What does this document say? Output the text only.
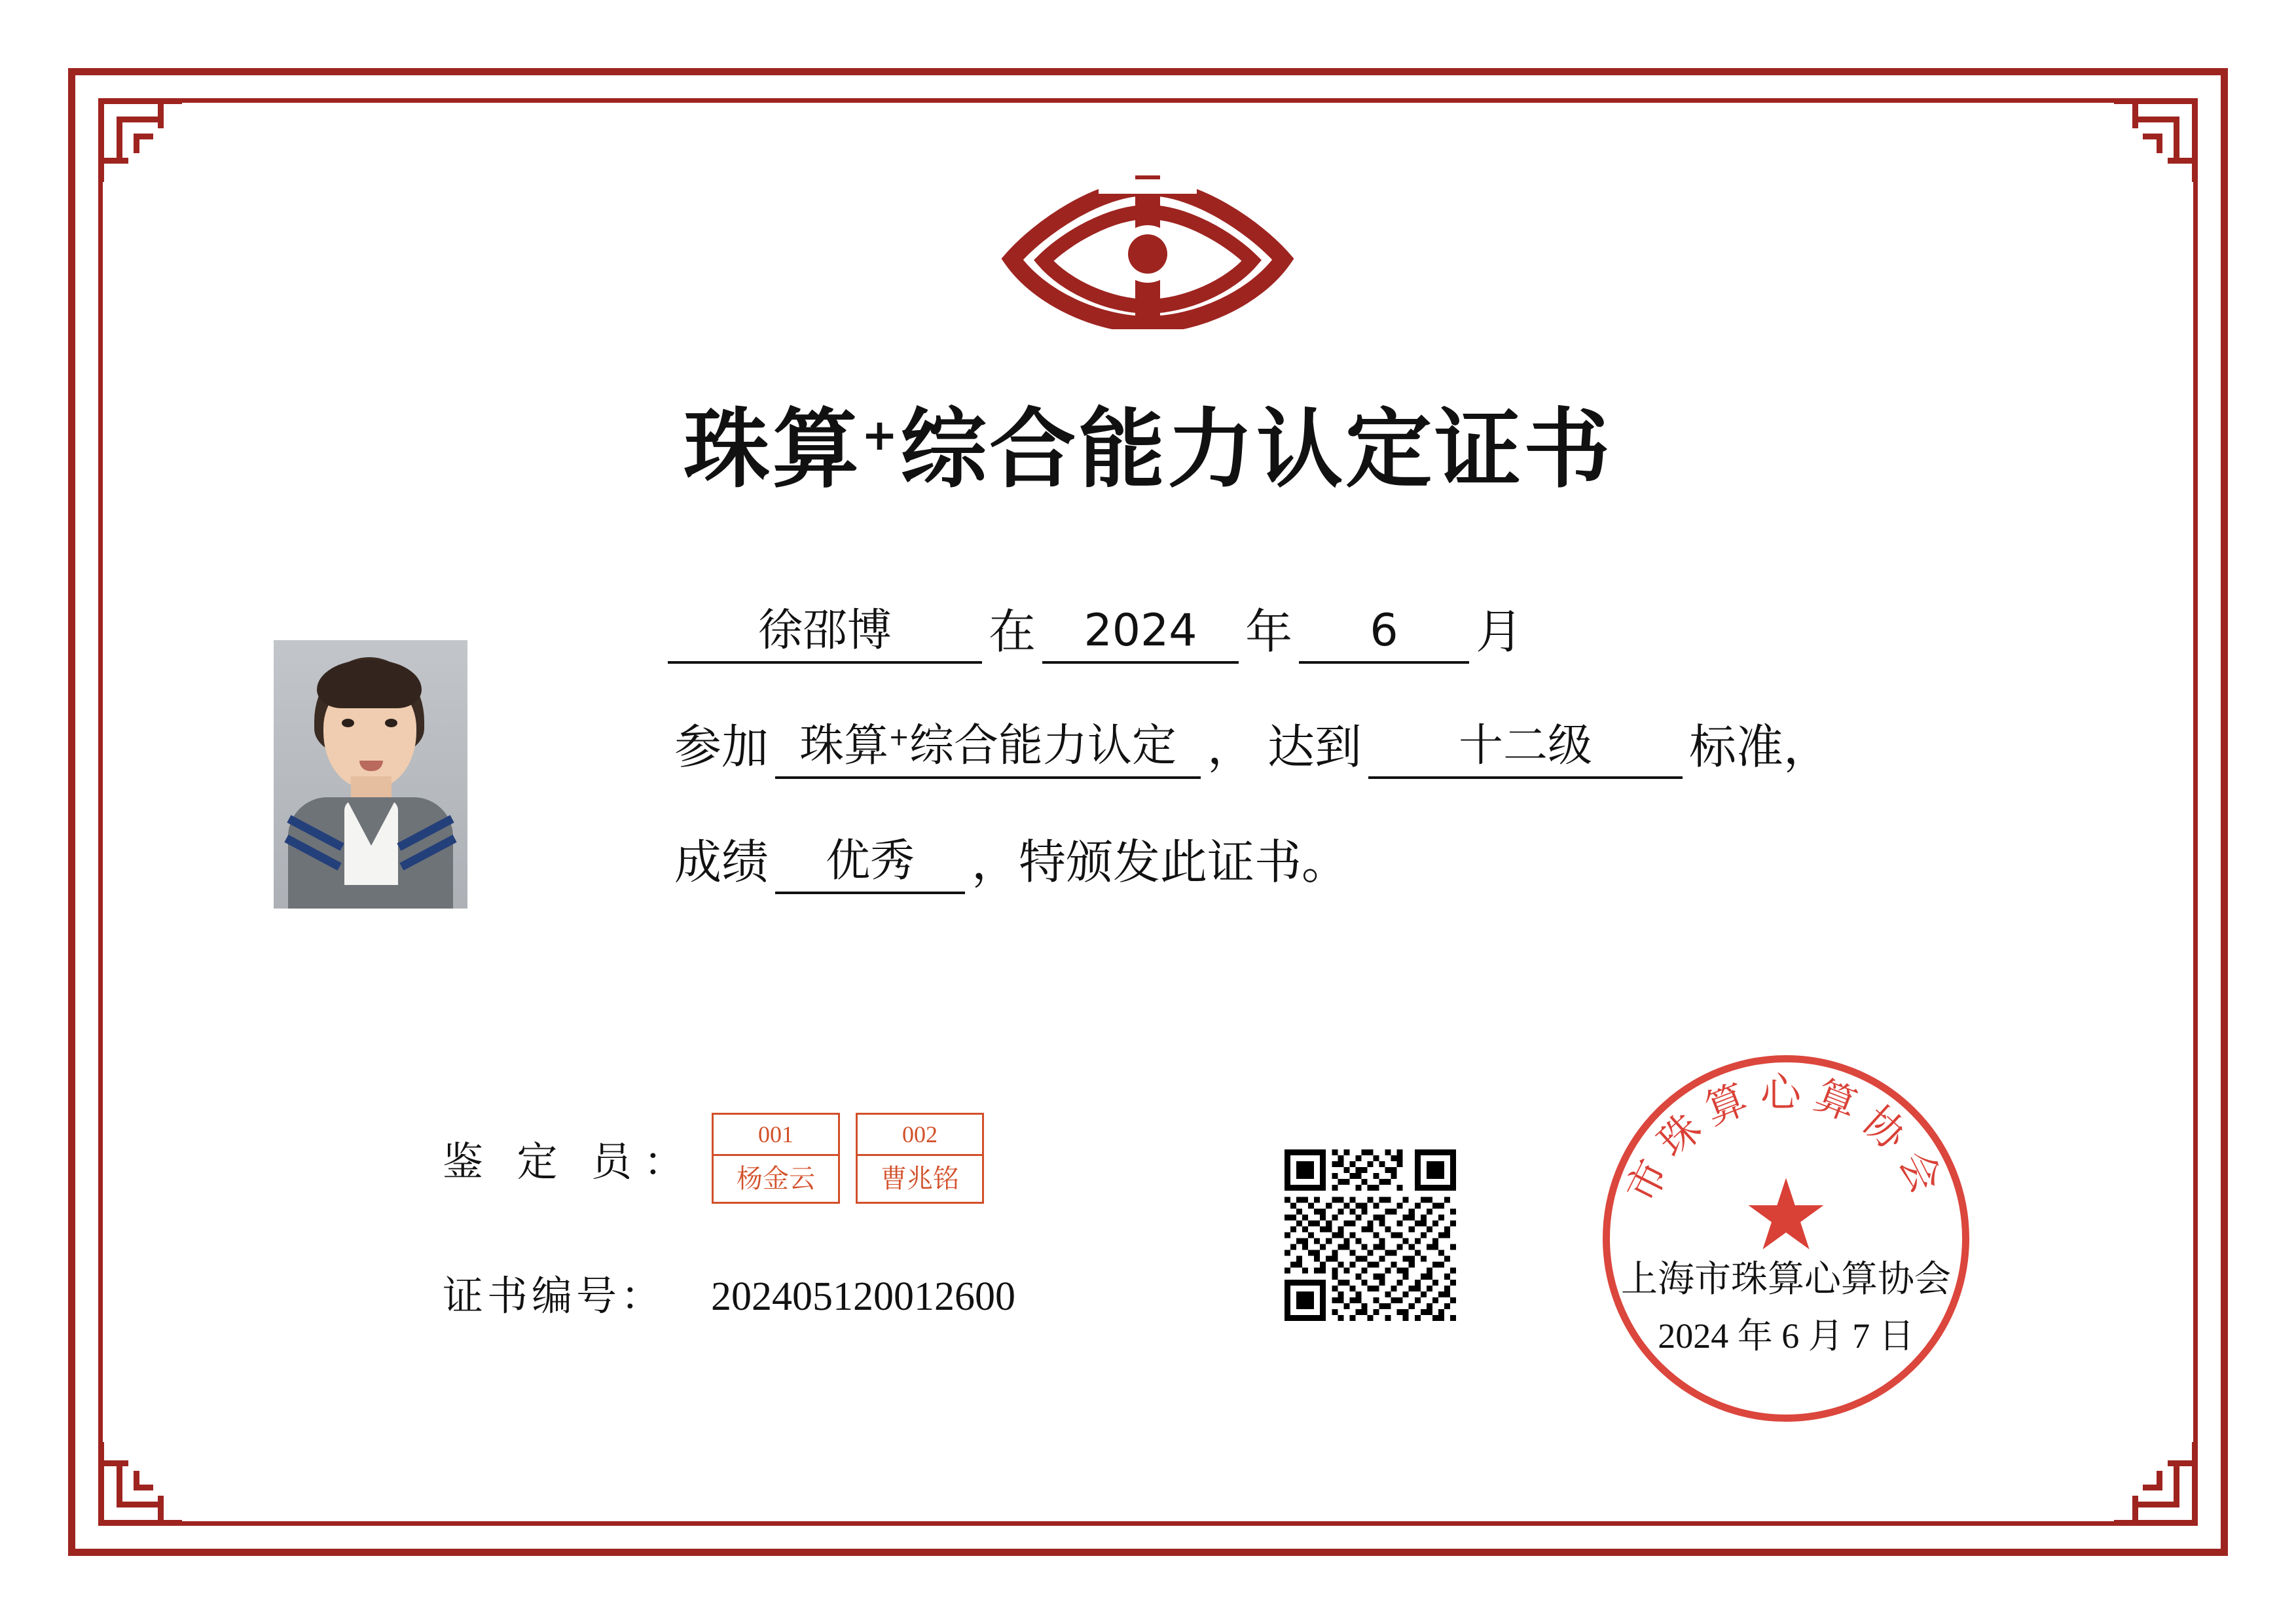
珠算+综合能力认定证书
徐邵博	在	2024	年	6	月
参加 珠算+综合能力认定 ， 达到	十二级	标准，
成绩	优秀	，特颁发此证书。
鉴 定 员：
001
杨金云
002
曹兆铭
证书编号： 202405120012600
市珠算心算协会
★
上海市珠算心算协会
2024 年 6 月 7 日
